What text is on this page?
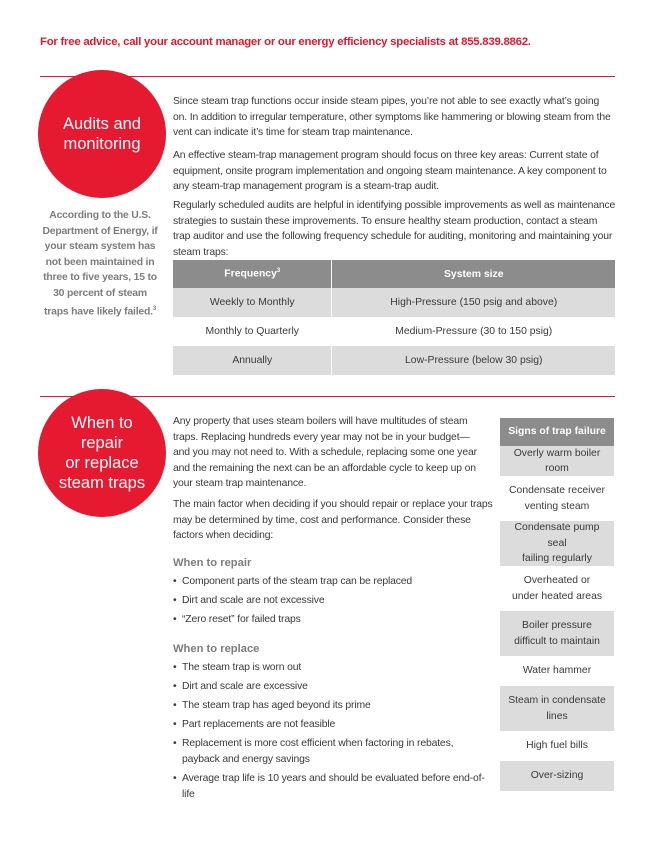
For free advice, call your account manager or our energy efficiency specialists at 855.839.8862.
Audits and
monitoring
According to the U.S. Department of Energy, if your steam system has not been maintained in three to five years, 15 to 30 percent of steam traps have likely failed.$^3$

Since steam trap functions occur inside steam pipes, you’re not able to see exactly what’s going on. In addition to irregular temperature, other symptoms like hammering or blowing steam from the vent can indicate it’s time for steam trap maintenance.

An effective steam-trap management program should focus on three key areas: Current state of equipment, onsite program implementation and ongoing steam maintenance. A key component to any steam-trap management program is a steam-trap audit.

Regularly scheduled audits are helpful in identifying possible improvements as well as maintenance strategies to sustain these improvements. To ensure healthy steam production, contact a steam trap auditor and use the following frequency schedule for auditing, monitoring and maintaining your steam traps:

Frequency$^3$	System size
Weekly to Monthly	High-Pressure (150 psig and above)
Monthly to Quarterly	Medium-Pressure (30 to 150 psig)
Annually	Low-Pressure (below 30 psig)
When to
repair
or replace
steam traps

Any property that uses steam boilers will have multitudes of steam traps. Replacing hundreds every year may not be in your budget—and you may not need to. With a schedule, replacing some one year and the remaining the next can be an affordable cycle to keep up on your steam trap maintenance.

The main factor when deciding if you should repair or replace your traps may be determined by time, cost and performance. Consider these factors when deciding:

When to repair
• Component parts of the steam trap can be replaced
• Dirt and scale are not excessive
• “Zero reset” for failed traps
When to replace
• The steam trap is worn out
• Dirt and scale are excessive
• The steam trap has aged beyond its prime
• Part replacements are not feasible
• Replacement is more cost efficient when factoring in rebates, payback and energy savings
• Average trap life is 10 years and should be evaluated before end-of-life
Signs of trap failure
Overly warm boiler room
Condensate receiver
venting steam
Condensate pump seal
failing regularly
Overheated or
under heated areas
Boiler pressure
difficult to maintain
Water hammer
Steam in condensate
lines
High fuel bills
Over-sizing
